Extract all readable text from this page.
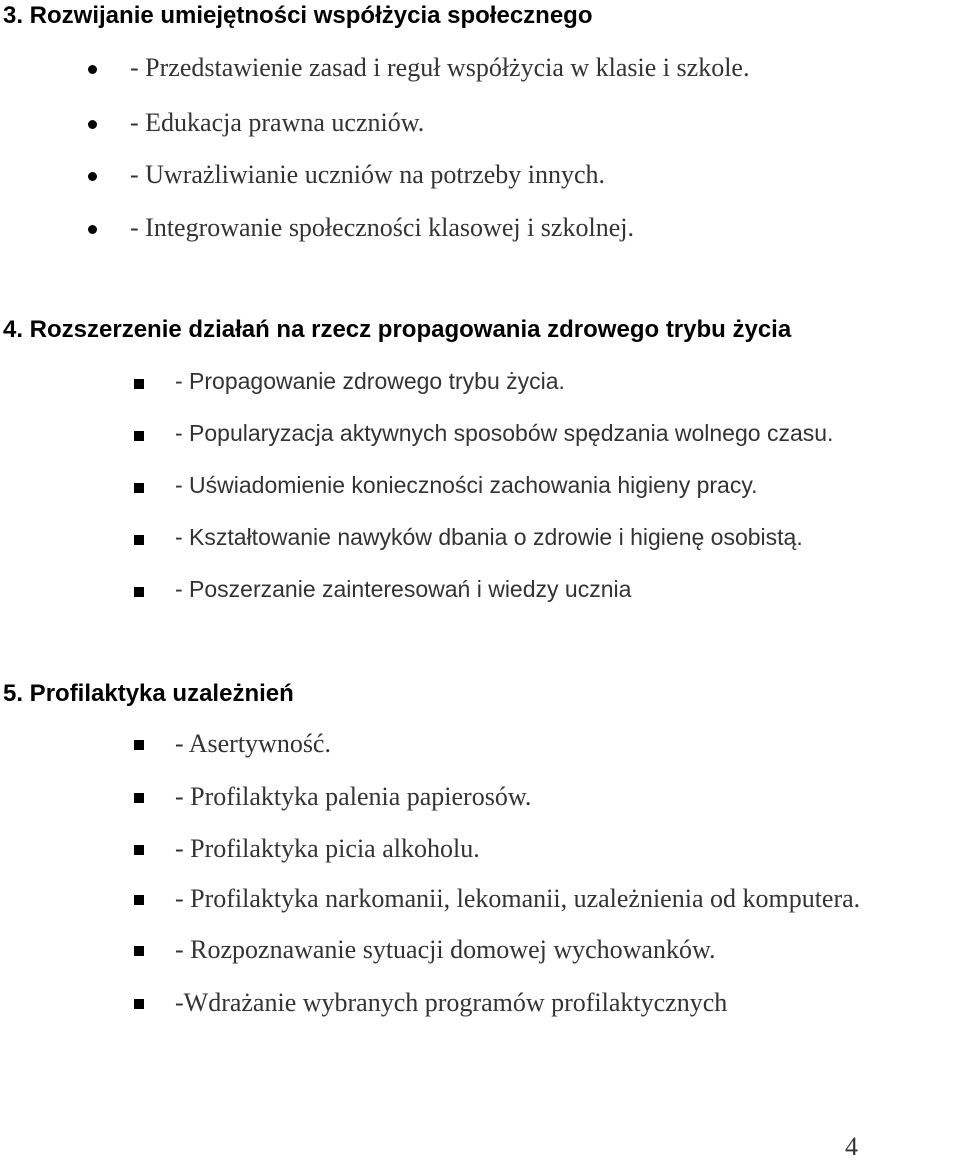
3. Rozwijanie umiejętności współżycia społecznego
- Przedstawienie zasad i reguł współżycia w klasie i szkole.
- Edukacja prawna uczniów.
- Uwrażliwianie uczniów na potrzeby innych.
- Integrowanie społeczności klasowej i szkolnej.
4. Rozszerzenie działań na rzecz propagowania zdrowego trybu życia
- Propagowanie zdrowego trybu życia.
- Popularyzacja aktywnych sposobów spędzania wolnego czasu.
- Uświadomienie konieczności zachowania higieny pracy.
- Kształtowanie nawyków dbania o zdrowie i higienę osobistą.
- Poszerzanie zainteresowań i wiedzy ucznia
5. Profilaktyka uzależnień
- Asertywność.
- Profilaktyka palenia papierosów.
- Profilaktyka picia alkoholu.
- Profilaktyka narkomanii, lekomanii, uzależnienia od komputera.
- Rozpoznawanie sytuacji domowej wychowanków.
-Wdrażanie wybranych programów profilaktycznych
4
